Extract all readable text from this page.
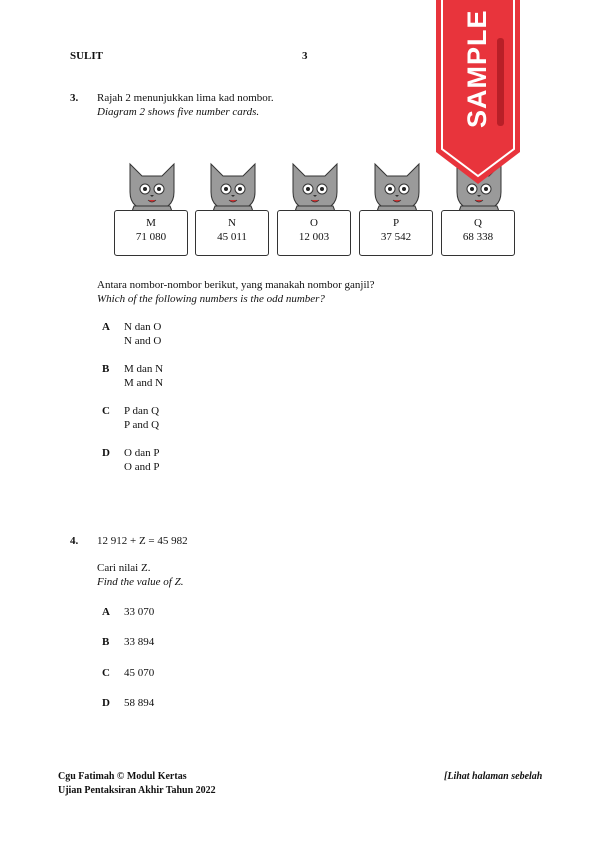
SULIT	3
3. Rajah 2 menunjukkan lima kad nombor.
Diagram 2 shows five number cards.
M
71 080
N
45 011
O
12 003
P
37 542
Q
68 338
Antara nombor-nombor berikut, yang manakah nombor ganjil?
Which of the following numbers is the odd number?
A N dan O
N and O
B M dan N
M and N
C P dan Q
P and Q
D O dan P
O and P
4. 12 912 + Z = 45 982
Cari nilai Z.
Find the value of Z.
A 33 070
B 33 894
C 45 070
D 58 894
Cgu Fatimah © Modul Kertas
Ujian Pentaksiran Akhir Tahun 2022
[Lihat halaman sebelah
SAMPLE
